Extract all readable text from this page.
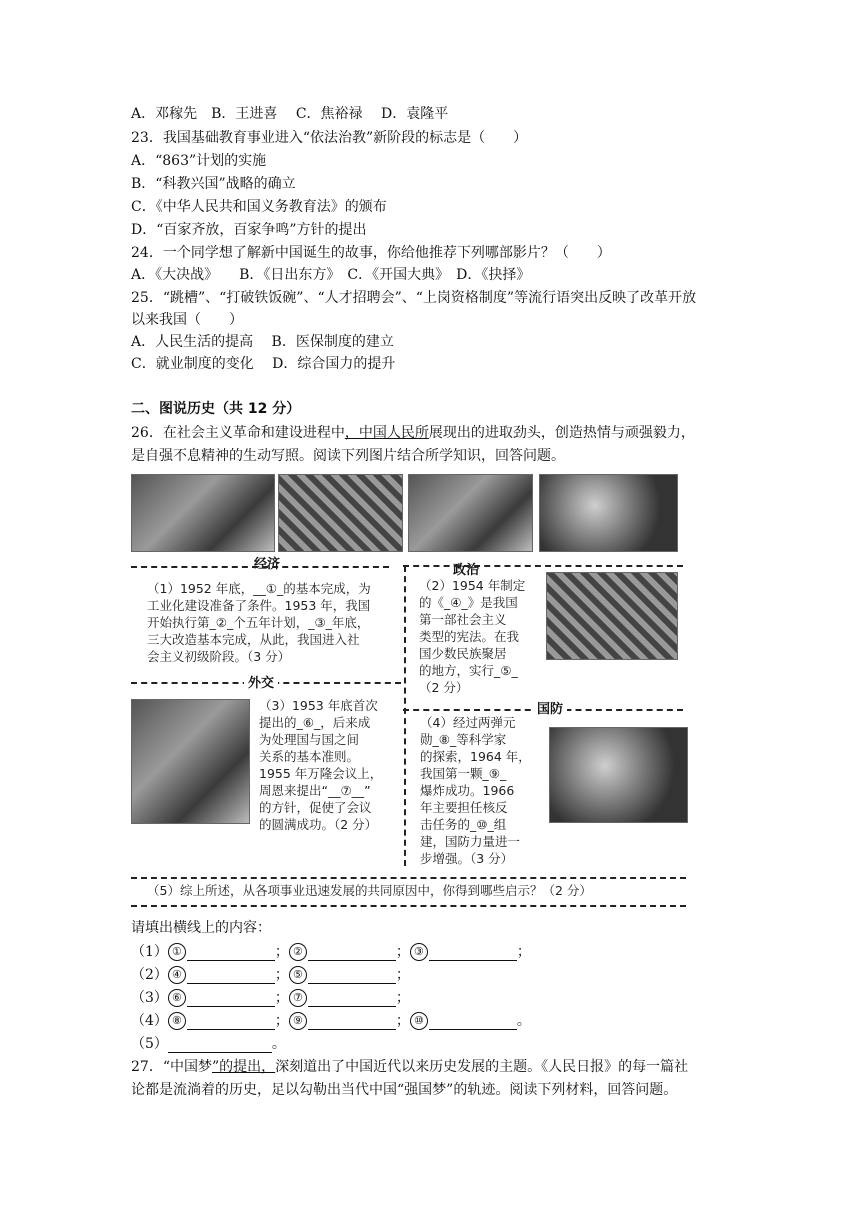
A．邓稼先　B．王进喜　 C．焦裕禄　 D．袁隆平
23．我国基础教育事业进入“依法治教”新阶段的标志是（　　）
A．“863”计划的实施
B．“科教兴国”战略的确立
C．《中华人民共和国义务教育法》的颁布
D．“百家齐放，百家争鸣”方针的提出
24．一个同学想了解新中国诞生的故事，你给他推荐下列哪部影片？（　　）
A．《大决战》　　B．《日出东方》　C．《开国大典》　D．《抉择》
25．“跳槽”、“打破铁饭碗”、“人才招聘会”、“上岗资格制度”等流行语突出反映了改革开放
以来我国（　　）
A．人民生活的提高　 B．医保制度的建立
C．就业制度的变化　 D．综合国力的提升
二、图说历史（共 12 分）
26．在社会主义革命和建设进程中，中国人民所展现出的进取劲头，创造热情与顽强毅力，
是自强不息精神的生动写照。阅读下列图片结合所学知识，回答问题。
经济	政治
（1）1952 年底，__①_的基本完成，为
工业化建设准备了条件。1953 年，我国
开始执行第_②_个五年计划，_③_年底，
三大改造基本完成，从此，我国进入社
会主义初级阶段。（3 分）
（2）1954 年制定
的《_④_》是我国
第一部社会主义
类型的宪法。在我
国少数民族聚居
的地方，实行_⑤_
（2 分）
外交
国防
（3）1953 年底首次
提出的_⑥_，后来成
为处理国与国之间
关系的基本准则。
1955 年万隆会议上，
周恩来提出“__⑦__”
的方针，促使了会议
的圆满成功。（2 分）
（4）经过两弹元
勋_⑧_等科学家
的探索，1964 年，
我国第一颗_⑨_
爆炸成功。1966
年主要担任核反
击任务的_⑩_组
建，国防力量进一
步增强。（3 分）
（5）综上所述，从各项事业迅速发展的共同原因中，你得到哪些启示？（2 分）
请填出横线上的内容：
（1） ①	； ②	； ③	；
（2） ④	； ⑤	；
（3） ⑥	； ⑦	；
（4） ⑧	； ⑨	； ⑩	。
（5）	。
27．“中国梦”的提出，深刻道出了中国近代以来历史发展的主题。《人民日报》的每一篇社
论都是流淌着的历史，足以勾勒出当代中国“强国梦”的轨迹。阅读下列材料，回答问题。
